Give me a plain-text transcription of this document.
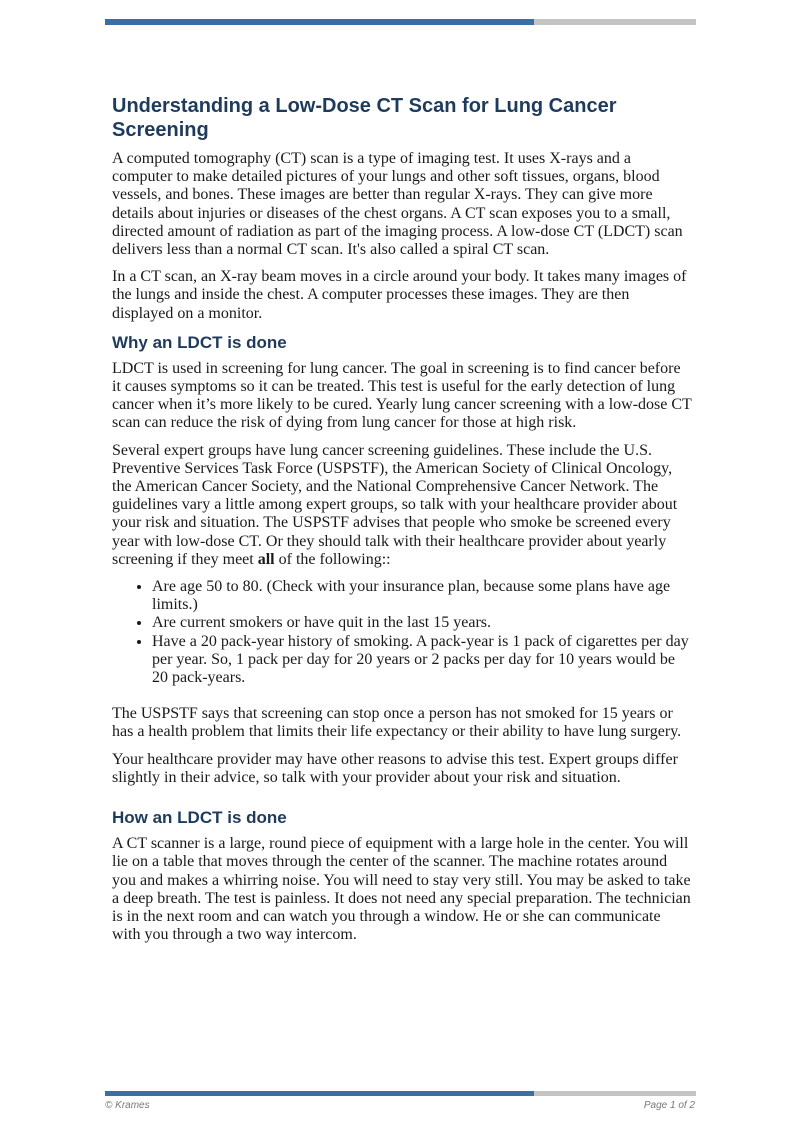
Understanding a Low-Dose CT Scan for Lung Cancer Screening

A computed tomography (CT) scan is a type of imaging test. It uses X-rays and a computer to make detailed pictures of your lungs and other soft tissues, organs, blood vessels, and bones. These images are better than regular X-rays. They can give more details about injuries or diseases of the chest organs. A CT scan exposes you to a small, directed amount of radiation as part of the imaging process. A low-dose CT (LDCT) scan delivers less than a normal CT scan. It's also called a spiral CT scan.

In a CT scan, an X-ray beam moves in a circle around your body. It takes many images of the lungs and inside the chest. A computer processes these images. They are then displayed on a monitor.

Why an LDCT is done

LDCT is used in screening for lung cancer. The goal in screening is to find cancer before it causes symptoms so it can be treated. This test is useful for the early detection of lung cancer when it’s more likely to be cured. Yearly lung cancer screening with a low-dose CT scan can reduce the risk of dying from lung cancer for those at high risk.

Several expert groups have lung cancer screening guidelines. These include the U.S. Preventive Services Task Force (USPSTF), the American Society of Clinical Oncology, the American Cancer Society, and the National Comprehensive Cancer Network. The guidelines vary a little among expert groups, so talk with your healthcare provider about your risk and situation. The USPSTF advises that people who smoke be screened every year with low-dose CT. Or they should talk with their healthcare provider about yearly screening if they meet all of the following::

• Are age 50 to 80. (Check with your insurance plan, because some plans have age limits.)
• Are current smokers or have quit in the last 15 years.
• Have a 20 pack-year history of smoking. A pack-year is 1 pack of cigarettes per day per year. So, 1 pack per day for 20 years or 2 packs per day for 10 years would be 20 pack-years.

The USPSTF says that screening can stop once a person has not smoked for 15 years or has a health problem that limits their life expectancy or their ability to have lung surgery.

Your healthcare provider may have other reasons to advise this test. Expert groups differ slightly in their advice, so talk with your provider about your risk and situation.

How an LDCT is done

A CT scanner is a large, round piece of equipment with a large hole in the center. You will lie on a table that moves through the center of the scanner. The machine rotates around you and makes a whirring noise. You will need to stay very still. You may be asked to take a deep breath. The test is painless. It does not need any special preparation. The technician is in the next room and can watch you through a window. He or she can communicate with you through a two way intercom.

© Krames	Page 1 of 2
